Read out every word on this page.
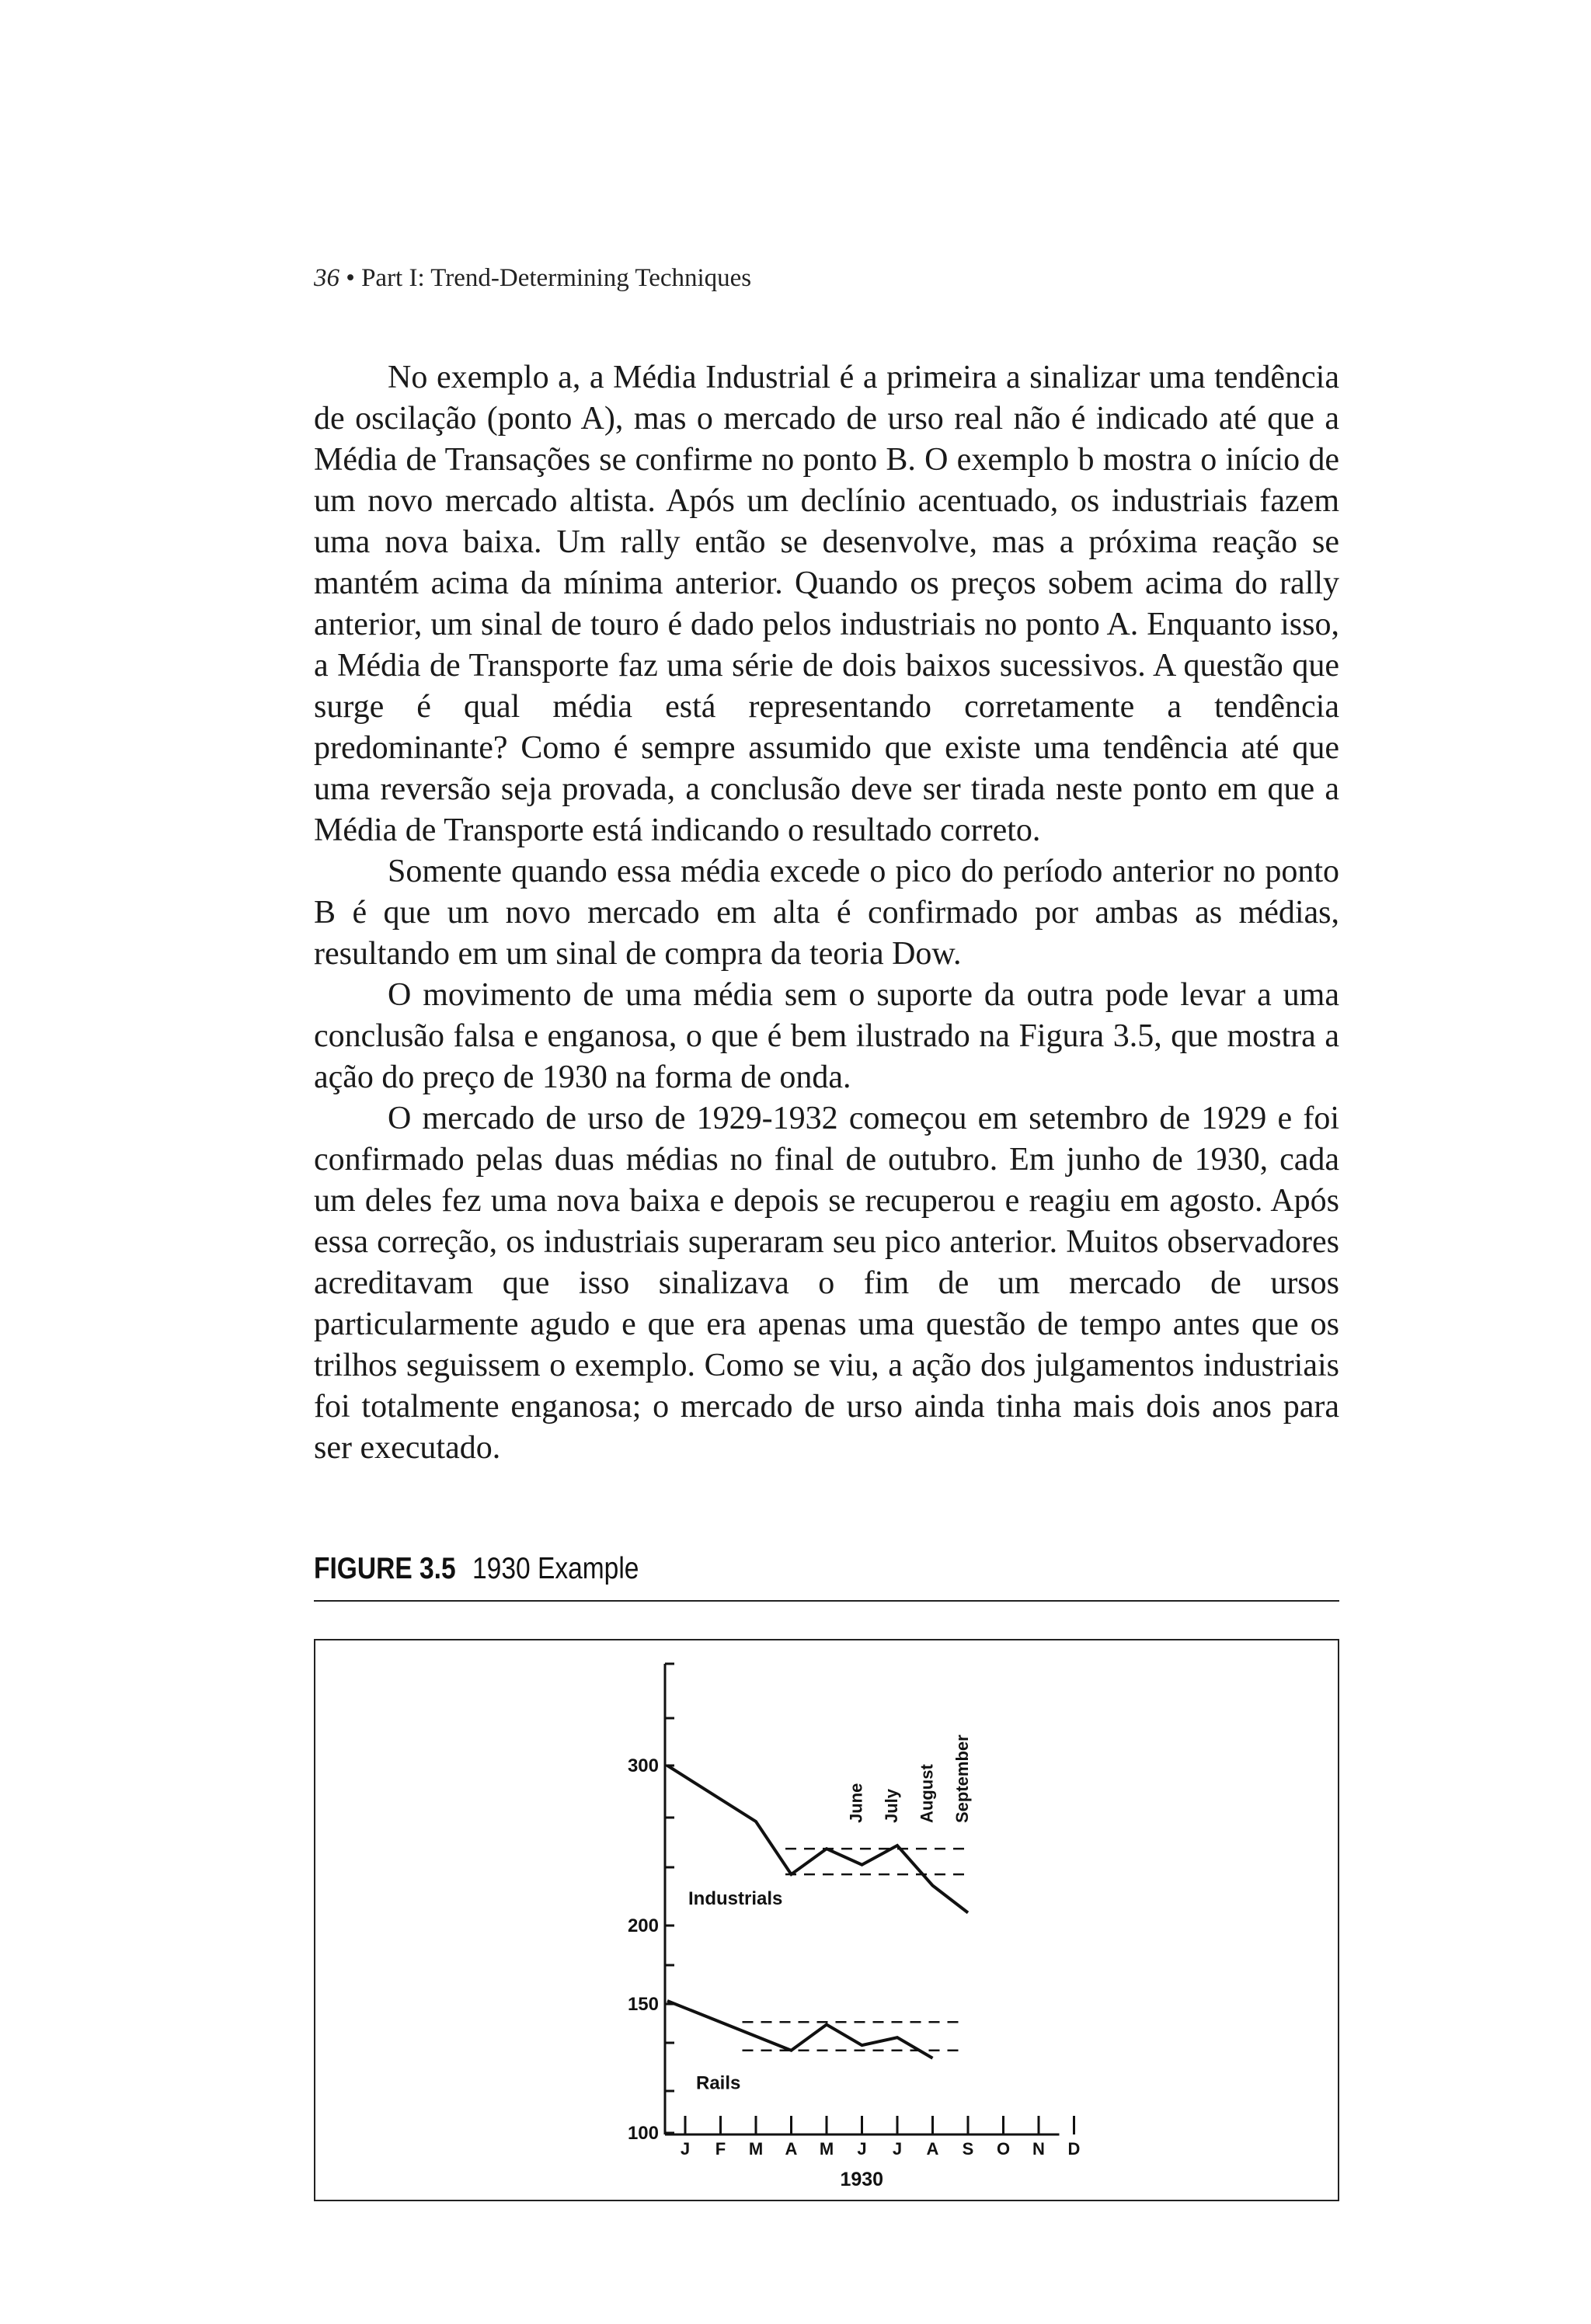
36 • Part I: Trend-Determining Techniques

No exemplo a, a Média Industrial é a primeira a sinalizar uma tendência de oscilação (ponto A), mas o mercado de urso real não é indicado até que a Média de Transações se confirme no ponto B. O exemplo b mostra o início de um novo mercado altista. Após um declínio acentuado, os industriais fazem uma nova baixa. Um rally então se desenvolve, mas a próxima reação se mantém acima da mínima anterior. Quando os preços sobem acima do rally anterior, um sinal de touro é dado pelos industriais no ponto A. Enquanto isso, a Média de Transporte faz uma série de dois baixos sucessivos. A questão que surge é qual média está representando corretamente a tendência predominante? Como é sempre assumido que existe uma tendência até que uma reversão seja provada, a conclusão deve ser tirada neste ponto em que a Média de Transporte está indicando o resultado correto.

Somente quando essa média excede o pico do período anterior no ponto B é que um novo mercado em alta é confirmado por ambas as médias, resultando em um sinal de compra da teoria Dow.

O movimento de uma média sem o suporte da outra pode levar a uma conclusão falsa e enganosa, o que é bem ilustrado na Figura 3.5, que mostra a ação do preço de 1930 na forma de onda.

O mercado de urso de 1929-1932 começou em setembro de 1929 e foi confirmado pelas duas médias no final de outubro. Em junho de 1930, cada um deles fez uma nova baixa e depois se recuperou e reagiu em agosto. Após essa correção, os industriais superaram seu pico anterior. Muitos observadores acreditavam que isso sinalizava o fim de um mercado de ursos particularmente agudo e que era apenas uma questão de tempo antes que os trilhos seguissem o exemplo. Como se viu, a ação dos julgamentos industriais foi totalmente enganosa; o mercado de urso ainda tinha mais dois anos para ser executado.

FIGURE 3.5 1930 Example
100
150
200
300
J F M A M J J A S O N D
1930
Industrials
Rails
June July August September
